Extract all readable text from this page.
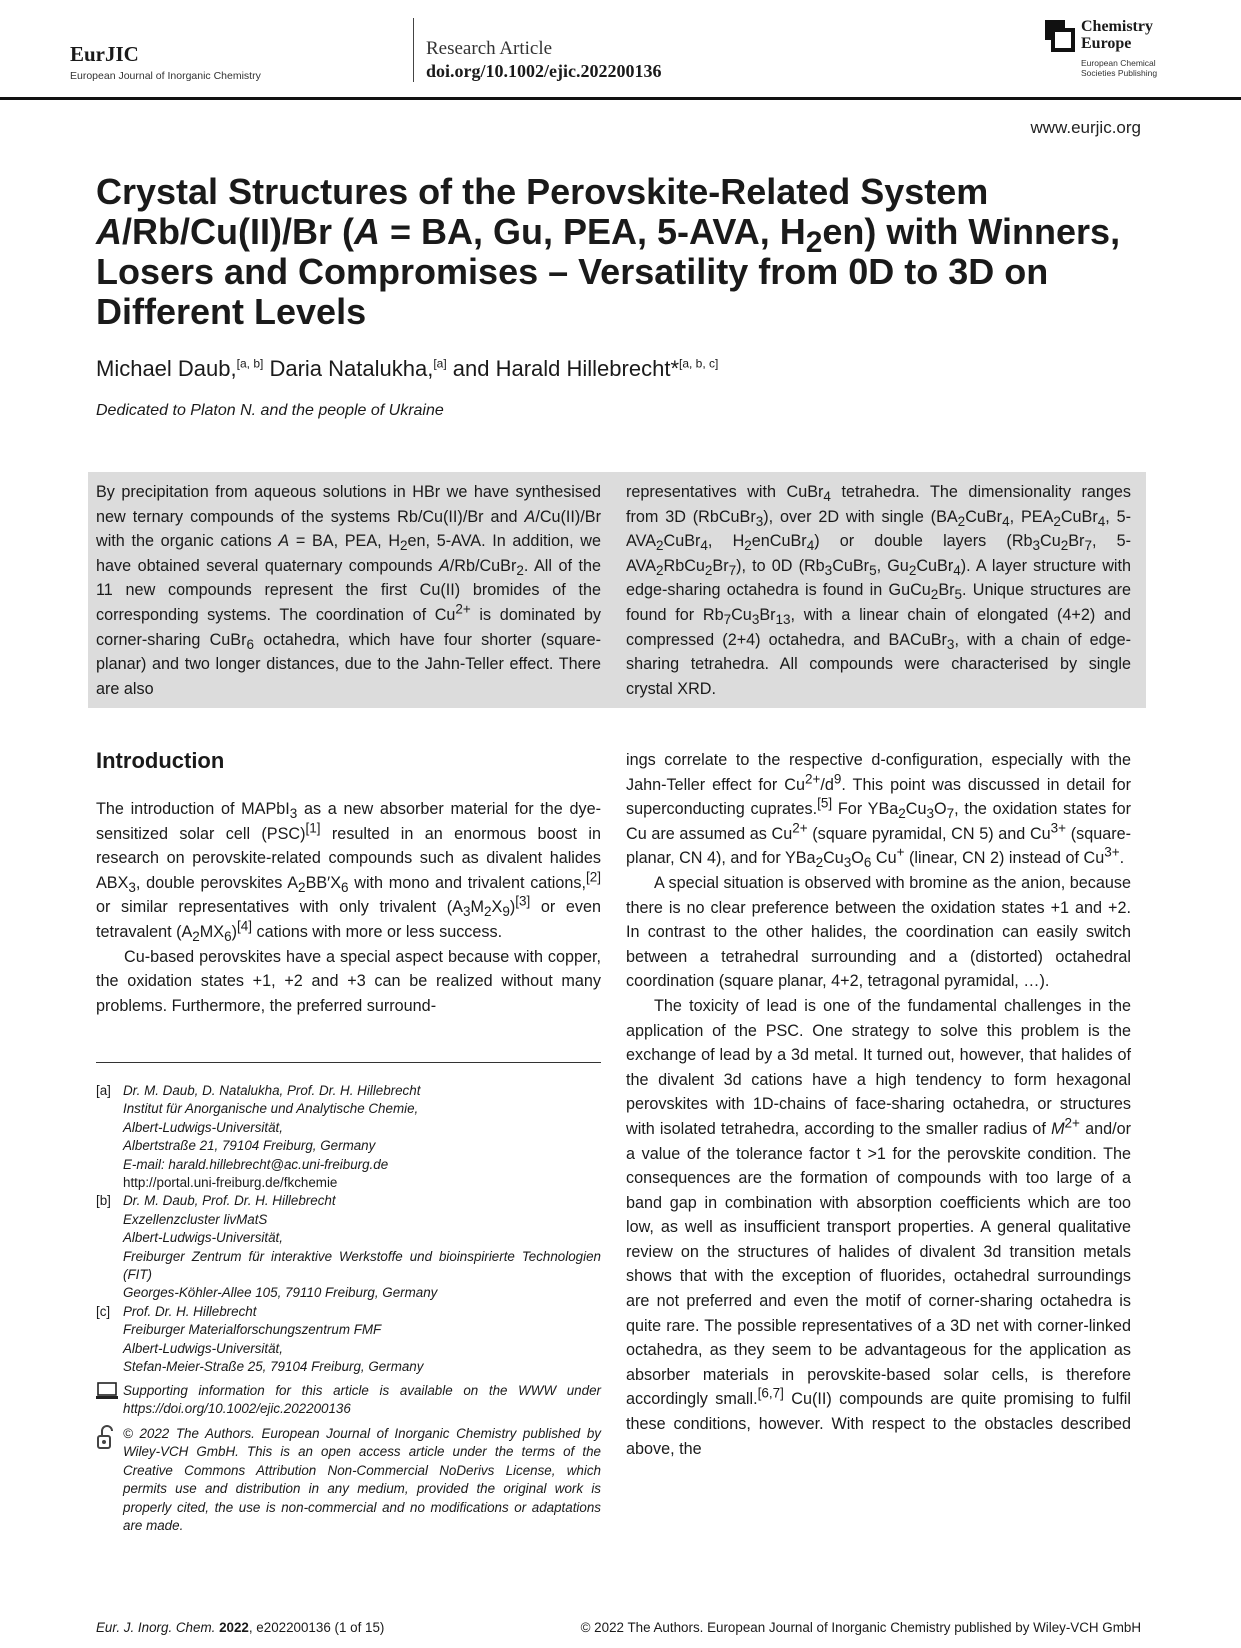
EurJIC
European Journal of Inorganic Chemistry
Research Article
doi.org/10.1002/ejic.202200136
Chemistry Europe
European Chemical Societies Publishing
www.eurjic.org
Crystal Structures of the Perovskite-Related System
A/Rb/Cu(II)/Br (A = BA, Gu, PEA, 5-AVA, $H_2en$) with Winners,
Losers and Compromises – Versatility from 0D to 3D on
Different Levels
Michael Daub,[a, b] Daria Natalukha,[a] and Harald Hillebrecht*[a, b, c]
Dedicated to Platon N. and the people of Ukraine
By precipitation from aqueous solutions in HBr we have synthesised new ternary compounds of the systems Rb/Cu(II)/Br and A/Cu(II)/Br with the organic cations A = BA, PEA, $H_2en$, 5-AVA. In addition, we have obtained several quaternary compounds A/Rb/CuBr$_2$. All of the 11 new compounds represent the first Cu(II) bromides of the corresponding systems. The coordination of $Cu^{2+}$ is dominated by corner-sharing CuBr$_6$ octahedra, which have four shorter (square-planar) and two longer distances, due to the Jahn-Teller effect. There are also
representatives with CuBr$_4$ tetrahedra. The dimensionality ranges from 3D (RbCuBr$_3$), over 2D with single ($BA_2CuBr_4$, $PEA_2CuBr_4$, $5-AVA_2CuBr_4$, $H_2enCuBr_4$) or double layers ($Rb_3Cu_2Br_7$, $5-AVA_2RbCu_2Br_7$), to 0D ($Rb_3CuBr_5$, $Gu_2CuBr_4$). A layer structure with edge-sharing octahedra is found in $GuCu_2Br_5$. Unique structures are found for $Rb_7Cu_3Br_{13}$, with a linear chain of elongated (4+2) and compressed (2+4) octahedra, and BACuBr$_3$, with a chain of edge-sharing tetrahedra. All compounds were characterised by single crystal XRD.
Introduction

The introduction of MAPbI$_3$ as a new absorber material for the dye-sensitized solar cell (PSC)[1] resulted in an enormous boost in research on perovskite-related compounds such as divalent halides $ABX_3$, double perovskites $A_2BB'X_6$ with mono and trivalent cations,[2] or similar representatives with only trivalent $(A_3M_2X_9)[3]$ or even tetravalent $(A_2MX_6)[4]$ cations with more or less success.

Cu-based perovskites have a special aspect because with copper, the oxidation states +1, +2 and +3 can be realized without many problems. Furthermore, the preferred surround-

[a] Dr. M. Daub, D. Natalukha, Prof. Dr. H. Hillebrecht
Institut für Anorganische und Analytische Chemie,
Albert-Ludwigs-Universität,
Albertstraße 21, 79104 Freiburg, Germany
E-mail: harald.hillebrecht@ac.uni-freiburg.de
http://portal.uni-freiburg.de/fkchemie
[b] Dr. M. Daub, Prof. Dr. H. Hillebrecht
Exzellenzcluster livMatS
Albert-Ludwigs-Universität,
Freiburger Zentrum für interaktive Werkstoffe und bioinspirierte Technologien (FIT)
Georges-Köhler-Allee 105, 79110 Freiburg, Germany
[c] Prof. Dr. H. Hillebrecht
Freiburger Materialforschungszentrum FMF
Albert-Ludwigs-Universität,
Stefan-Meier-Straße 25, 79104 Freiburg, Germany
Supporting information for this article is available on the WWW under https://doi.org/10.1002/ejic.202200136
© 2022 The Authors. European Journal of Inorganic Chemistry published by Wiley-VCH GmbH. This is an open access article under the terms of the Creative Commons Attribution Non-Commercial NoDerivs License, which permits use and distribution in any medium, provided the original work is properly cited, the use is non-commercial and no modifications or adaptations are made.

ings correlate to the respective d-configuration, especially with the Jahn-Teller effect for $Cu^{2+}/d^9$. This point was discussed in detail for superconducting cuprates.[5] For $YBa_2Cu_3O_7$, the oxidation states for Cu are assumed as $Cu^{2+}$ (square pyramidal, CN 5) and $Cu^{3+}$ (square-planar, CN 4), and for $YBa_2Cu_3O_6$ Cu+ (linear, CN 2) instead of $Cu^{3+}$.

A special situation is observed with bromine as the anion, because there is no clear preference between the oxidation states +1 and +2. In contrast to the other halides, the coordination can easily switch between a tetrahedral surrounding and a (distorted) octahedral coordination (square planar, 4+2, tetragonal pyramidal, …).

The toxicity of lead is one of the fundamental challenges in the application of the PSC. One strategy to solve this problem is the exchange of lead by a 3d metal. It turned out, however, that halides of the divalent 3d cations have a high tendency to form hexagonal perovskites with 1D-chains of face-sharing octahedra, or structures with isolated tetrahedra, according to the smaller radius of $M^{2+}$ and/or a value of the tolerance factor t >1 for the perovskite condition. The consequences are the formation of compounds with too large of a band gap in combination with absorption coefficients which are too low, as well as insufficient transport properties. A general qualitative review on the structures of halides of divalent 3d transition metals shows that with the exception of fluorides, octahedral surroundings are not preferred and even the motif of corner-sharing octahedra is quite rare. The possible representatives of a 3D net with corner-linked octahedra, as they seem to be advantageous for the application as absorber materials in perovskite-based solar cells, is therefore accordingly small.[6,7] Cu(II) compounds are quite promising to fulfil these conditions, however. With respect to the obstacles described above, the

Eur. J. Inorg. Chem. 2022, e202200136 (1 of 15)	© 2022 The Authors. European Journal of Inorganic Chemistry published by Wiley-VCH GmbH
